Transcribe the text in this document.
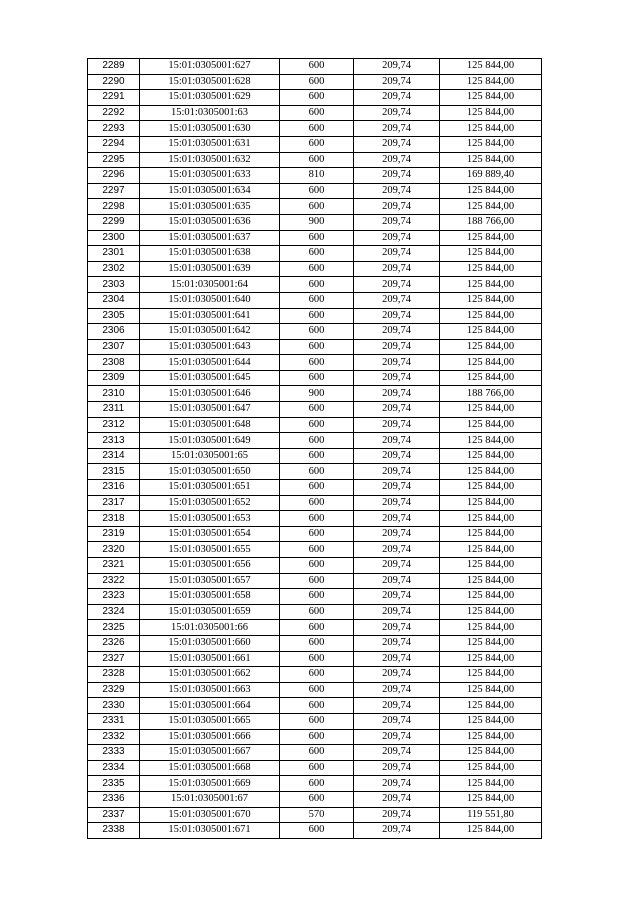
2289	15:01:0305001:627	600	209,74	125 844,00
2290	15:01:0305001:628	600	209,74	125 844,00
2291	15:01:0305001:629	600	209,74	125 844,00
2292	15:01:0305001:63	600	209,74	125 844,00
2293	15:01:0305001:630	600	209,74	125 844,00
2294	15:01:0305001:631	600	209,74	125 844,00
2295	15:01:0305001:632	600	209,74	125 844,00
2296	15:01:0305001:633	810	209,74	169 889,40
2297	15:01:0305001:634	600	209,74	125 844,00
2298	15:01:0305001:635	600	209,74	125 844,00
2299	15:01:0305001:636	900	209,74	188 766,00
2300	15:01:0305001:637	600	209,74	125 844,00
2301	15:01:0305001:638	600	209,74	125 844,00
2302	15:01:0305001:639	600	209,74	125 844,00
2303	15:01:0305001:64	600	209,74	125 844,00
2304	15:01:0305001:640	600	209,74	125 844,00
2305	15:01:0305001:641	600	209,74	125 844,00
2306	15:01:0305001:642	600	209,74	125 844,00
2307	15:01:0305001:643	600	209,74	125 844,00
2308	15:01:0305001:644	600	209,74	125 844,00
2309	15:01:0305001:645	600	209,74	125 844,00
2310	15:01:0305001:646	900	209,74	188 766,00
2311	15:01:0305001:647	600	209,74	125 844,00
2312	15:01:0305001:648	600	209,74	125 844,00
2313	15:01:0305001:649	600	209,74	125 844,00
2314	15:01:0305001:65	600	209,74	125 844,00
2315	15:01:0305001:650	600	209,74	125 844,00
2316	15:01:0305001:651	600	209,74	125 844,00
2317	15:01:0305001:652	600	209,74	125 844,00
2318	15:01:0305001:653	600	209,74	125 844,00
2319	15:01:0305001:654	600	209,74	125 844,00
2320	15:01:0305001:655	600	209,74	125 844,00
2321	15:01:0305001:656	600	209,74	125 844,00
2322	15:01:0305001:657	600	209,74	125 844,00
2323	15:01:0305001:658	600	209,74	125 844,00
2324	15:01:0305001:659	600	209,74	125 844,00
2325	15:01:0305001:66	600	209,74	125 844,00
2326	15:01:0305001:660	600	209,74	125 844,00
2327	15:01:0305001:661	600	209,74	125 844,00
2328	15:01:0305001:662	600	209,74	125 844,00
2329	15:01:0305001:663	600	209,74	125 844,00
2330	15:01:0305001:664	600	209,74	125 844,00
2331	15:01:0305001:665	600	209,74	125 844,00
2332	15:01:0305001:666	600	209,74	125 844,00
2333	15:01:0305001:667	600	209,74	125 844,00
2334	15:01:0305001:668	600	209,74	125 844,00
2335	15:01:0305001:669	600	209,74	125 844,00
2336	15:01:0305001:67	600	209,74	125 844,00
2337	15:01:0305001:670	570	209,74	119 551,80
2338	15:01:0305001:671	600	209,74	125 844,00
